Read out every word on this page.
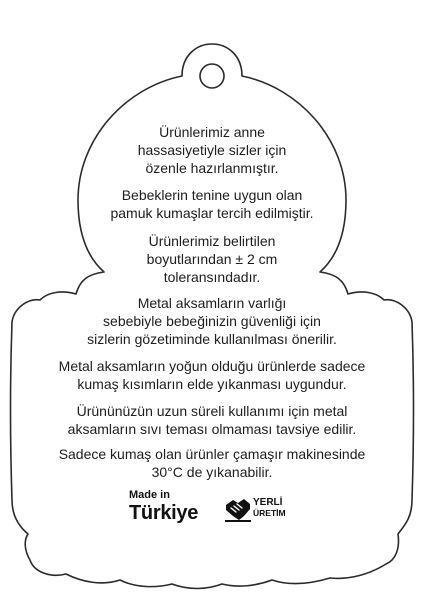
Ürünlerimiz anne
hassasiyetiyle sizler için
özenle hazırlanmıştır.
Bebeklerin tenine uygun olan
pamuk kumaşlar tercih edilmiştir.
Ürünlerimiz belirtilen
boyutlarından ± 2 cm
toleransındadır.
Metal aksamların varlığı
sebebiyle bebeğinizin güvenliği için
sizlerin gözetiminde kullanılması önerilir.
Metal aksamların yoğun olduğu ürünlerde sadece
kumaş kısımların elde yıkanması uygundur.
Ürününüzün uzun süreli kullanımı için metal
aksamların sıvı teması olmaması tavsiye edilir.
Sadece kumaş olan ürünler çamaşır makinesinde
30°C de yıkanabilir.
Made in
Türkiye	YERLİ
ÜRETİM
